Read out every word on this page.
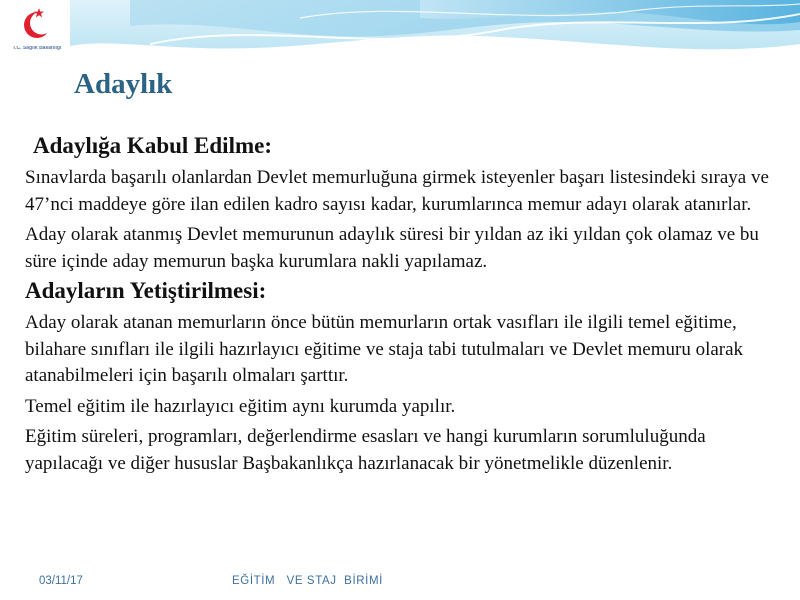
T.C. Sağlık Bakanlığı
Adaylık
Adaylığa Kabul Edilme:

Sınavlarda başarılı olanlardan Devlet memurluğuna girmek isteyenler başarı listesindeki sıraya ve 47’nci maddeye göre ilan edilen kadro sayısı kadar, kurumlarınca memur adayı olarak atanırlar.

Aday olarak atanmış Devlet memurunun adaylık süresi bir yıldan az iki yıldan çok olamaz ve bu süre içinde aday memurun başka kurumlara nakli yapılamaz.

Adayların Yetiştirilmesi:

Aday olarak atanan memurların önce bütün memurların ortak vasıfları ile ilgili temel eğitime, bilahare sınıfları ile ilgili hazırlayıcı eğitime ve staja tabi tutulmaları ve Devlet memuru olarak atanabilmeleri için başarılı olmaları şarttır.

Temel eğitim ile hazırlayıcı eğitim aynı kurumda yapılır.

Eğitim süreleri, programları, değerlendirme esasları ve hangi kurumların sorumluluğunda yapılacağı ve diğer hususlar Başbakanlıkça hazırlanacak bir yönetmelikle düzenlenir.

03/11/17	EĞİTİM   VE STAJ  BİRİMİ
